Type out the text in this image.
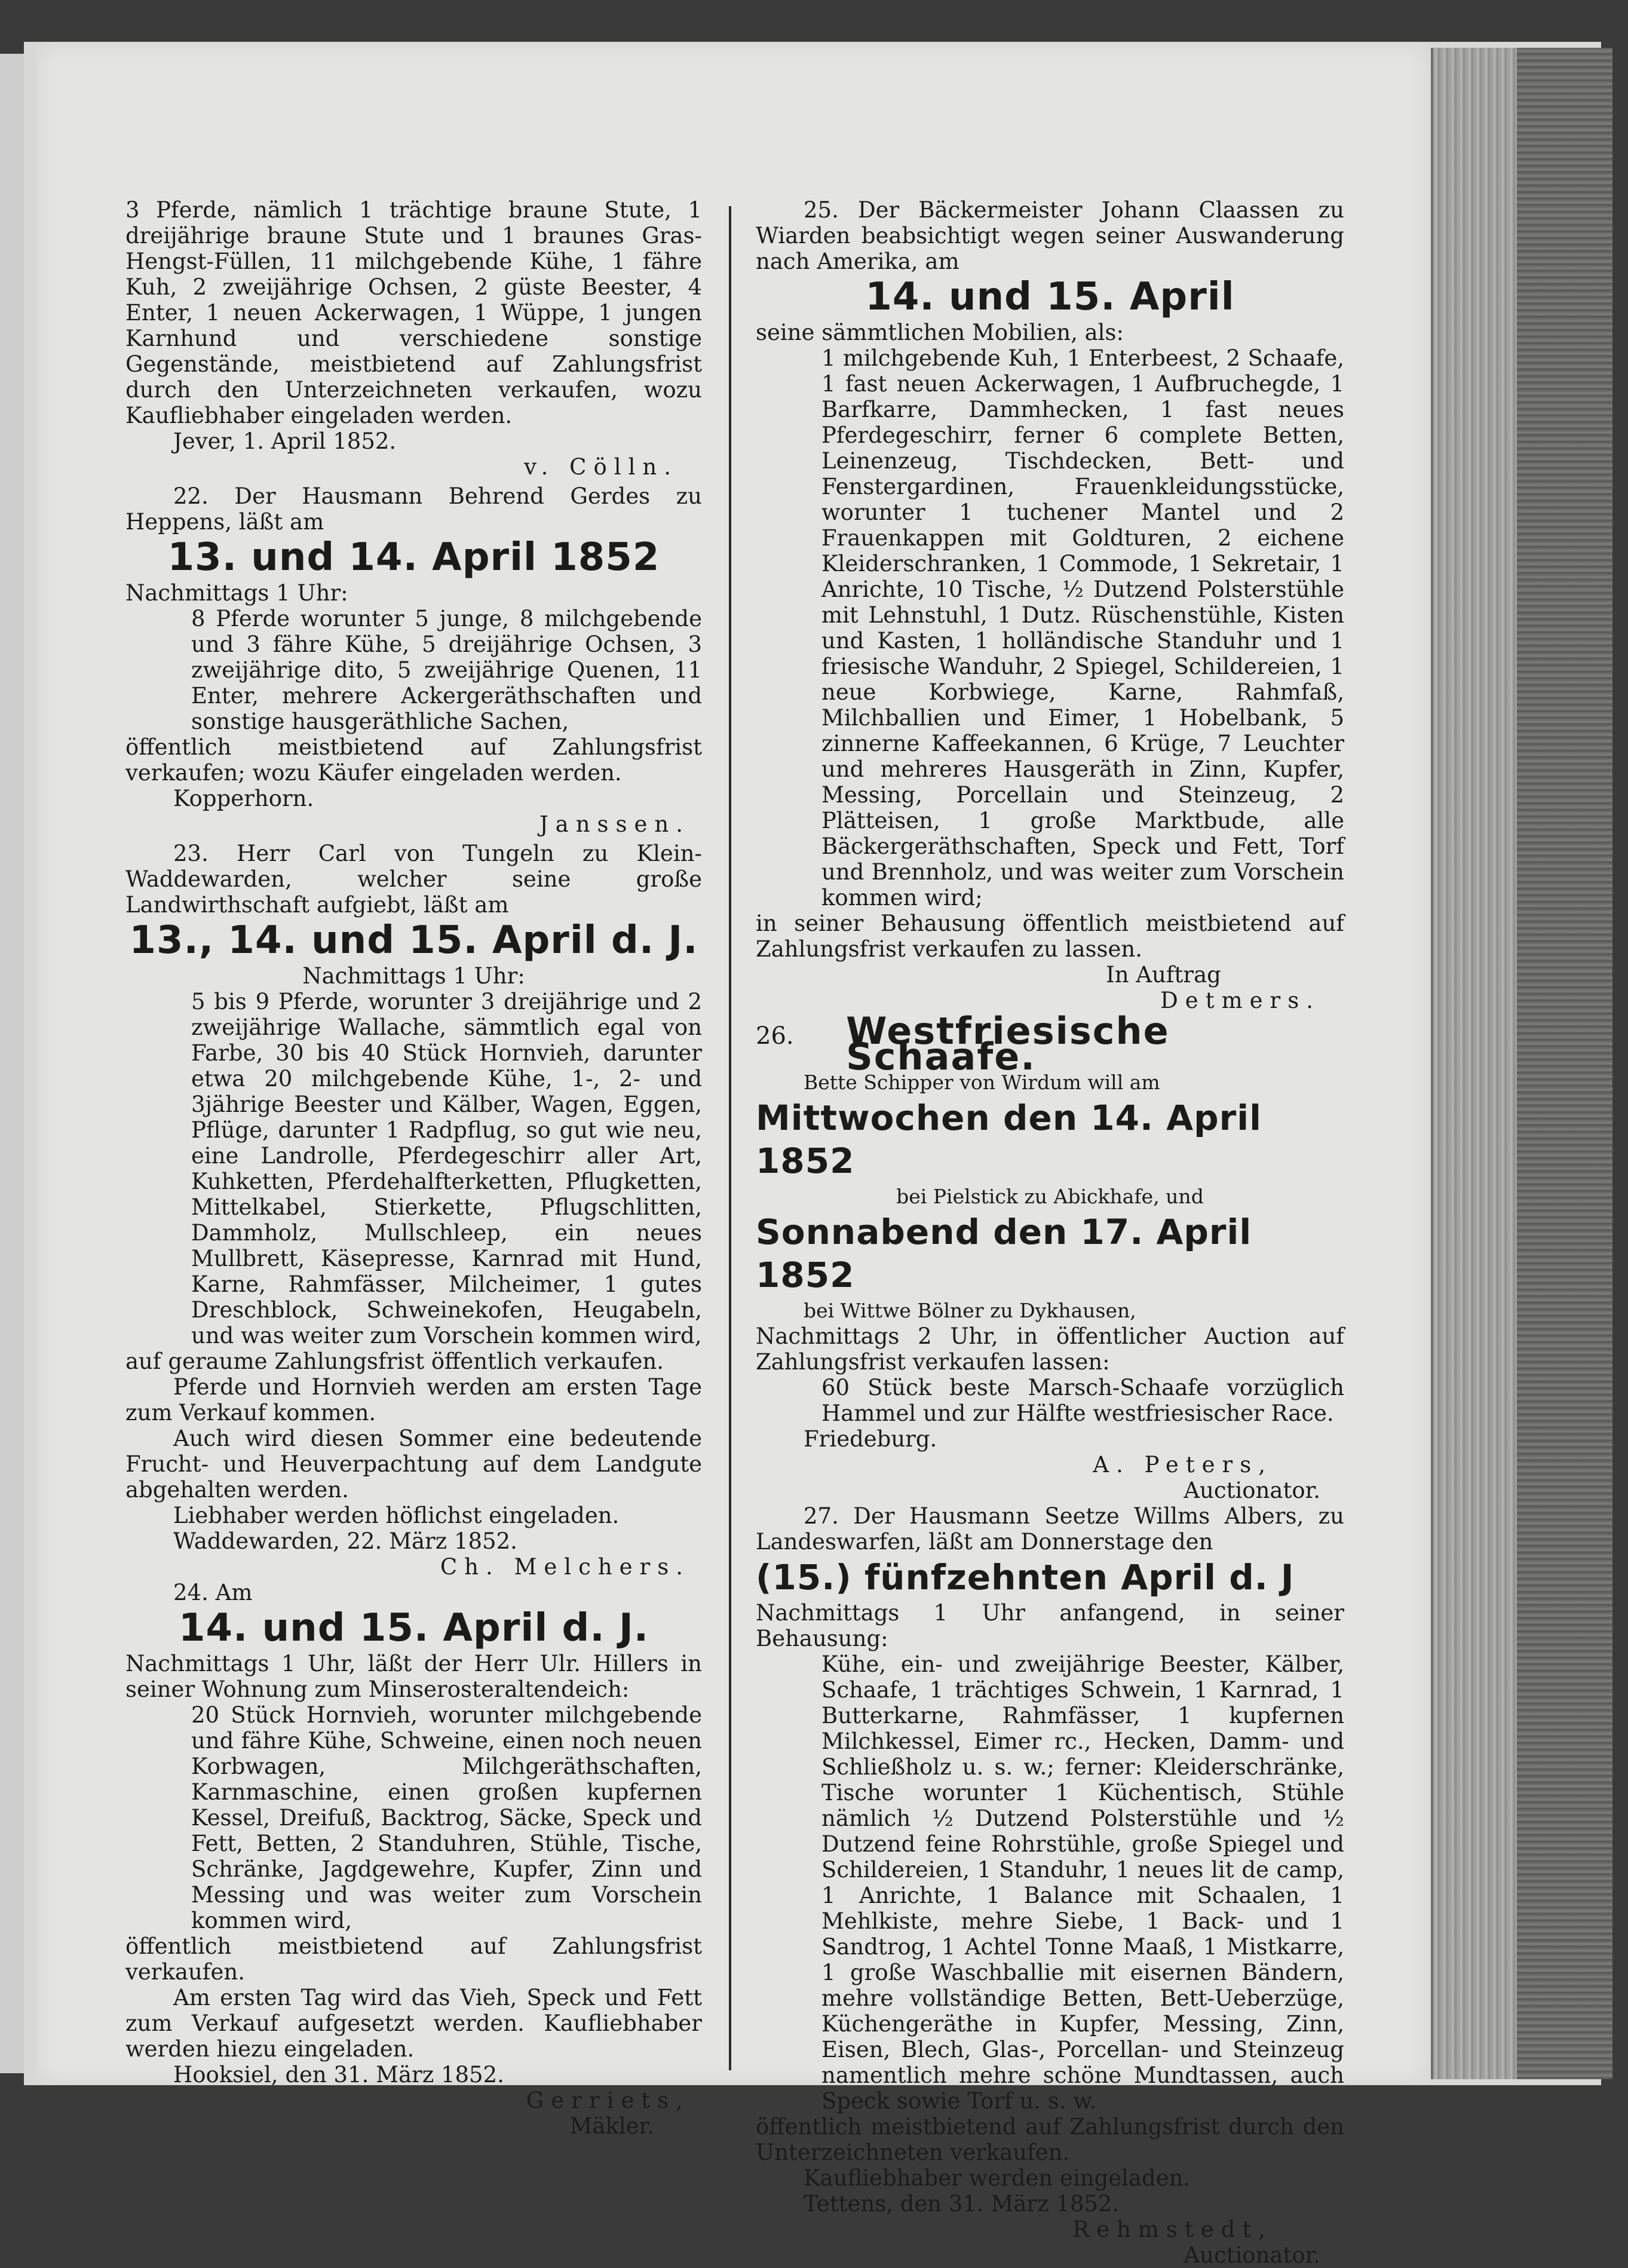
3 Pferde, nämlich 1 trächtige braune Stute, 1 dreijährige braune Stute und 1 braunes Gras-Hengst-Füllen, 11 milchgebende Kühe, 1 fähre Kuh, 2 zweijährige Ochsen, 2 güste Beester, 4 Enter, 1 neuen Ackerwagen, 1 Wüppe, 1 jungen Karnhund und verschiedene sonstige Gegenstände, meistbietend auf Zahlungsfrist durch den Unterzeichneten verkaufen, wozu Kaufliebhaber eingeladen werden.

Jever, 1. April 1852.

v. Cölln.

22. Der Hausmann Behrend Gerdes zu Heppens, läßt am

13. und 14. April 1852

Nachmittags 1 Uhr:

8 Pferde worunter 5 junge, 8 milchgebende und 3 fähre Kühe, 5 dreijährige Ochsen, 3 zweijährige dito, 5 zweijährige Quenen, 11 Enter, mehrere Ackergeräthschaften und sonstige hausgeräthliche Sachen,

öffentlich meistbietend auf Zahlungsfrist verkaufen; wozu Käufer eingeladen werden.

Kopperhorn.

Janssen.

23. Herr Carl von Tungeln zu Klein-Waddewarden, welcher seine große Landwirthschaft aufgiebt, läßt am

13., 14. und 15. April d. J.

Nachmittags 1 Uhr:

5 bis 9 Pferde, worunter 3 dreijährige und 2 zweijährige Wallache, sämmtlich egal von Farbe, 30 bis 40 Stück Hornvieh, darunter etwa 20 milchgebende Kühe, 1-, 2- und 3jährige Beester und Kälber, Wagen, Eggen, Pflüge, darunter 1 Radpflug, so gut wie neu, eine Landrolle, Pferdegeschirr aller Art, Kuhketten, Pferdehalfterketten, Pflugketten, Mittelkabel, Stierkette, Pflugschlitten, Dammholz, Mullschleep, ein neues Mullbrett, Käsepresse, Karnrad mit Hund, Karne, Rahmfässer, Milcheimer, 1 gutes Dreschblock, Schweinekofen, Heugabeln, und was weiter zum Vorschein kommen wird,

auf geraume Zahlungsfrist öffentlich verkaufen.

Pferde und Hornvieh werden am ersten Tage zum Verkauf kommen.

Auch wird diesen Sommer eine bedeutende Frucht- und Heuverpachtung auf dem Landgute abgehalten werden.

Liebhaber werden höflichst eingeladen.

Waddewarden, 22. März 1852.

Ch. Melchers.

24. Am

14. und 15. April d. J.

Nachmittags 1 Uhr, läßt der Herr Ulr. Hillers in seiner Wohnung zum Minserosteraltendeich:

20 Stück Hornvieh, worunter milchgebende und fähre Kühe, Schweine, einen noch neuen Korbwagen, Milchgeräthschaften, Karnmaschine, einen großen kupfernen Kessel, Dreifuß, Backtrog, Säcke, Speck und Fett, Betten, 2 Standuhren, Stühle, Tische, Schränke, Jagdgewehre, Kupfer, Zinn und Messing und was weiter zum Vorschein kommen wird,

öffentlich meistbietend auf Zahlungsfrist verkaufen.

Am ersten Tag wird das Vieh, Speck und Fett zum Verkauf aufgesetzt werden. Kaufliebhaber werden hiezu eingeladen.

Hooksiel, den 31. März 1852.

Gerriets,

Mäkler.

25. Der Bäckermeister Johann Claassen zu Wiarden beabsichtigt wegen seiner Auswanderung nach Amerika, am

14. und 15. April

seine sämmtlichen Mobilien, als:

1 milchgebende Kuh, 1 Enterbeest, 2 Schaafe, 1 fast neuen Ackerwagen, 1 Aufbruchegde, 1 Barfkarre, Dammhecken, 1 fast neues Pferdegeschirr, ferner 6 complete Betten, Leinenzeug, Tischdecken, Bett- und Fenstergardinen, Frauenkleidungsstücke, worunter 1 tuchener Mantel und 2 Frauenkappen mit Goldturen, 2 eichene Kleiderschranken, 1 Commode, 1 Sekretair, 1 Anrichte, 10 Tische, ½ Dutzend Polsterstühle mit Lehnstuhl, 1 Dutz. Rüschenstühle, Kisten und Kasten, 1 holländische Standuhr und 1 friesische Wanduhr, 2 Spiegel, Schildereien, 1 neue Korbwiege, Karne, Rahmfaß, Milchballien und Eimer, 1 Hobelbank, 5 zinnerne Kaffeekannen, 6 Krüge, 7 Leuchter und mehreres Hausgeräth in Zinn, Kupfer, Messing, Porcellain und Steinzeug, 2 Plätteisen, 1 große Marktbude, alle Bäckergeräthschaften, Speck und Fett, Torf und Brennholz, und was weiter zum Vorschein kommen wird;

in seiner Behausung öffentlich meistbietend auf Zahlungsfrist verkaufen zu lassen.

In Auftrag

Detmers.

26.	Westfriesische Schaafe.

Bette Schipper von Wirdum will am

Mittwochen den 14. April 1852

bei Pielstick zu Abickhafe, und

Sonnabend den 17. April 1852

bei Wittwe Bölner zu Dykhausen,

Nachmittags 2 Uhr, in öffentlicher Auction auf Zahlungsfrist verkaufen lassen:

60 Stück beste Marsch-Schaafe vorzüglich Hammel und zur Hälfte westfriesischer Race.

Friedeburg.

A. Peters,

Auctionator.

27. Der Hausmann Seetze Willms Albers, zu Landeswarfen, läßt am Donnerstage den

(15.) fünfzehnten April d. J

Nachmittags 1 Uhr anfangend, in seiner Behausung:

Kühe, ein- und zweijährige Beester, Kälber, Schaafe, 1 trächtiges Schwein, 1 Karnrad, 1 Butterkarne, Rahmfässer, 1 kupfernen Milchkessel, Eimer rc., Hecken, Damm- und Schließholz u. s. w.; ferner: Kleiderschränke, Tische worunter 1 Küchentisch, Stühle nämlich ½ Dutzend Polsterstühle und ½ Dutzend feine Rohrstühle, große Spiegel und Schildereien, 1 Standuhr, 1 neues lit de camp, 1 Anrichte, 1 Balance mit Schaalen, 1 Mehlkiste, mehre Siebe, 1 Back- und 1 Sandtrog, 1 Achtel Tonne Maaß, 1 Mistkarre, 1 große Waschballie mit eisernen Bändern, mehre vollständige Betten, Bett-Ueberzüge, Küchengeräthe in Kupfer, Messing, Zinn, Eisen, Blech, Glas-, Porcellan- und Steinzeug namentlich mehre schöne Mundtassen, auch Speck sowie Torf u. s. w.

öffentlich meistbietend auf Zahlungsfrist durch den Unterzeichneten verkaufen.

Kaufliebhaber werden eingeladen.

Tettens, den 31. März 1852.

Rehmstedt,

Auctionator.
